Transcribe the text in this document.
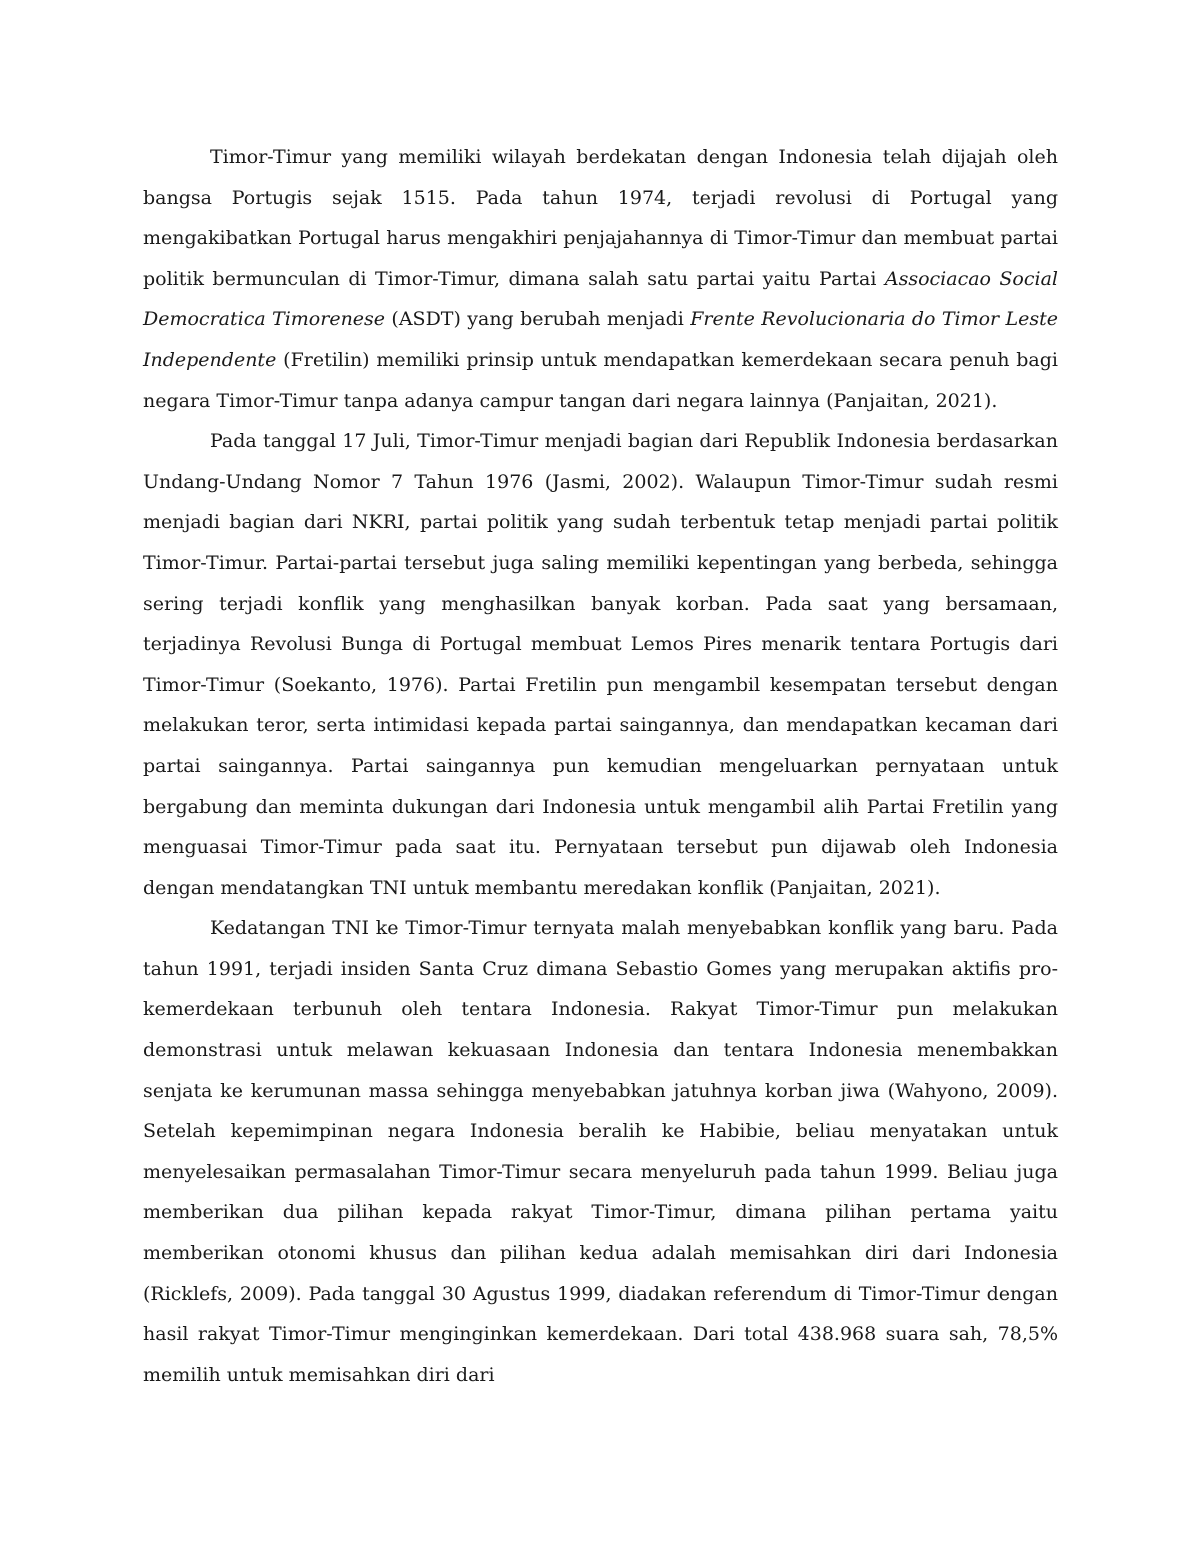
Timor-Timur yang memiliki wilayah berdekatan dengan Indonesia telah dijajah oleh bangsa Portugis sejak 1515. Pada tahun 1974, terjadi revolusi di Portugal yang mengakibatkan Portugal harus mengakhiri penjajahannya di Timor-Timur dan membuat partai politik bermunculan di Timor-Timur, dimana salah satu partai yaitu Partai Associacao Social Democratica Timorenese (ASDT) yang berubah menjadi Frente Revolucionaria do Timor Leste Independente (Fretilin) memiliki prinsip untuk mendapatkan kemerdekaan secara penuh bagi negara Timor-Timur tanpa adanya campur tangan dari negara lainnya (Panjaitan, 2021).

Pada tanggal 17 Juli, Timor-Timur menjadi bagian dari Republik Indonesia berdasarkan Undang-Undang Nomor 7 Tahun 1976 (Jasmi, 2002). Walaupun Timor-Timur sudah resmi menjadi bagian dari NKRI, partai politik yang sudah terbentuk tetap menjadi partai politik Timor-Timur. Partai-partai tersebut juga saling memiliki kepentingan yang berbeda, sehingga sering terjadi konflik yang menghasilkan banyak korban. Pada saat yang bersamaan, terjadinya Revolusi Bunga di Portugal membuat Lemos Pires menarik tentara Portugis dari Timor-Timur (Soekanto, 1976). Partai Fretilin pun mengambil kesempatan tersebut dengan melakukan teror, serta intimidasi kepada partai saingannya, dan mendapatkan kecaman dari partai saingannya. Partai saingannya pun kemudian mengeluarkan pernyataan untuk bergabung dan meminta dukungan dari Indonesia untuk mengambil alih Partai Fretilin yang menguasai Timor-Timur pada saat itu. Pernyataan tersebut pun dijawab oleh Indonesia dengan mendatangkan TNI untuk membantu meredakan konflik (Panjaitan, 2021).

Kedatangan TNI ke Timor-Timur ternyata malah menyebabkan konflik yang baru. Pada tahun 1991, terjadi insiden Santa Cruz dimana Sebastio Gomes yang merupakan aktifis pro-kemerdekaan terbunuh oleh tentara Indonesia. Rakyat Timor-Timur pun melakukan demonstrasi untuk melawan kekuasaan Indonesia dan tentara Indonesia menembakkan senjata ke kerumunan massa sehingga menyebabkan jatuhnya korban jiwa (Wahyono, 2009). Setelah kepemimpinan negara Indonesia beralih ke Habibie, beliau menyatakan untuk menyelesaikan permasalahan Timor-Timur secara menyeluruh pada tahun 1999. Beliau juga memberikan dua pilihan kepada rakyat Timor-Timur, dimana pilihan pertama yaitu memberikan otonomi khusus dan pilihan kedua adalah memisahkan diri dari Indonesia (Ricklefs, 2009). Pada tanggal 30 Agustus 1999, diadakan referendum di Timor-Timur dengan hasil rakyat Timor-Timur menginginkan kemerdekaan. Dari total 438.968 suara sah, 78,5% memilih untuk memisahkan diri dari
